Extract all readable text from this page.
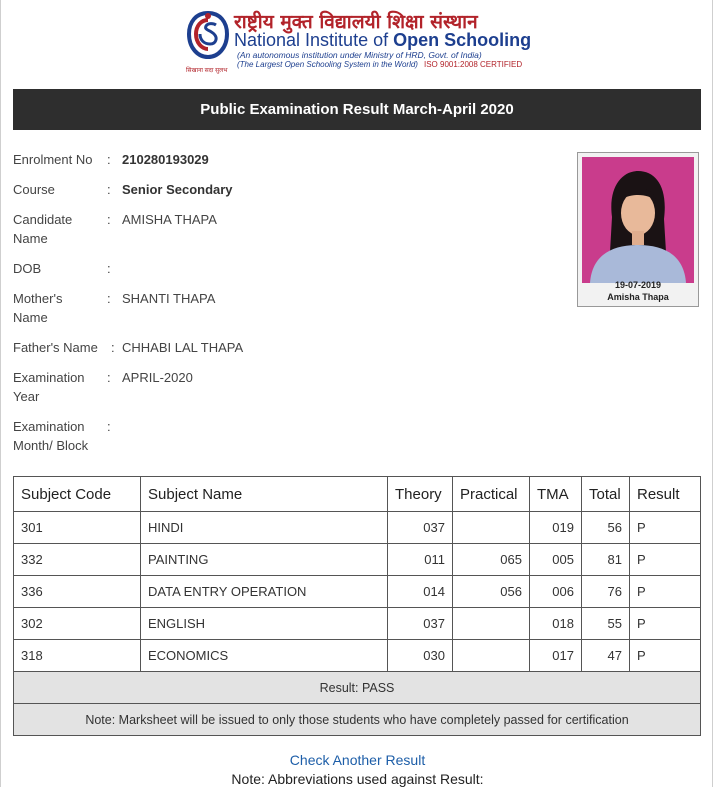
राष्ट्रीय मुक्त विद्यालयी शिक्षा संस्थान
National Institute of Open Schooling
(An autonomous institution under Ministry of HRD, Govt. of India)
(The Largest Open Schooling System in the World) ISO 9001:2008 CERTIFIED
सिखाना सदा सुलभ
Public Examination Result March-April 2020
Enrolment No	: 210280193029
Course	: Senior Secondary
Candidate Name
: AMISHA THAPA
DOB	:
Mother's Name
: SHANTI THAPA
Father's Name	: CHHABI LAL THAPA
Examination Year
: APRIL-2020
Examination Month/ Block
:
19-07-2019
Amisha Thapa
Subject Code	Subject Name	Theory	Practical	TMA	Total	Result
301	HINDI	037		019	56	P
332	PAINTING	011	065	005	81	P
336	DATA ENTRY OPERATION	014	056	006	76	P
302	ENGLISH	037		018	55	P
318	ECONOMICS	030		017	47	P
Result: PASS						
Note: Marksheet will be issued to only those students who have completely passed for certification						
Check Another Result
Note: Abbreviations used against Result:
